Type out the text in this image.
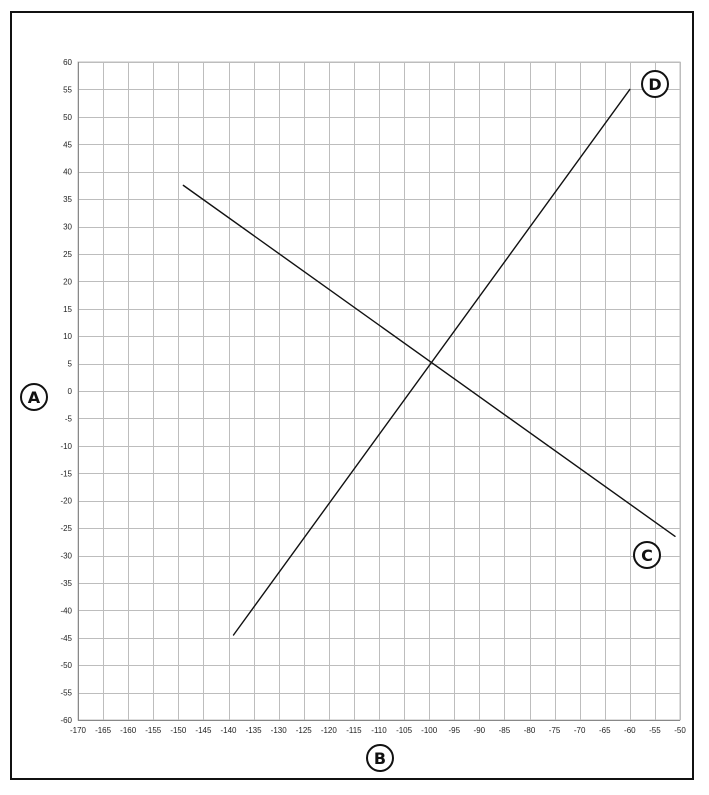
60
55
50
45
40
35
30
25
20
15
10
5
0
-5
-10
-15
-20
-25
-30
-35
-40
-45
-50
-55
-60
-170 -165 -160 -155 -150 -145 -140 -135 -130 -125 -120 -115 -110 -105 -100 -95 -90 -85 -80 -75 -70 -65 -60 -55 -50
A
B
C
D
